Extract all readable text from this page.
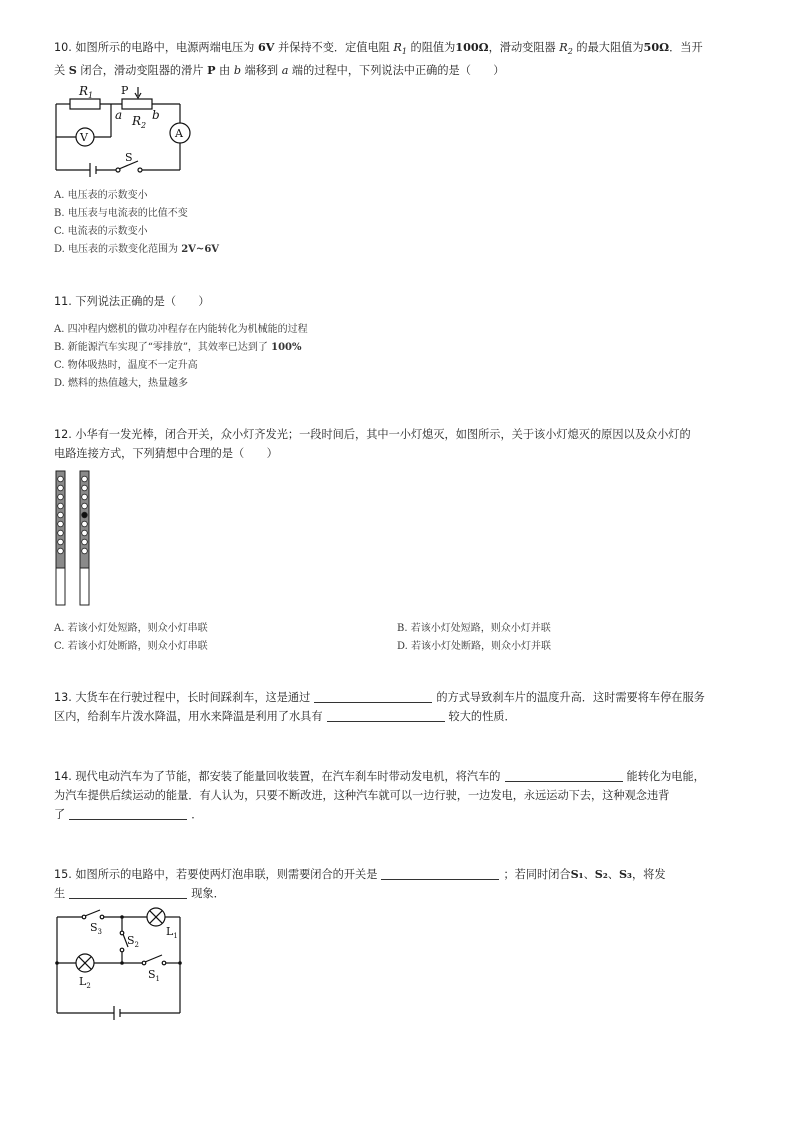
10. 如图所示的电路中，电源两端电压为 6V 并保持不变．定值电阻 $R_1$ 的阻值为100Ω，滑动变阻器 $R_2$ 的最大阻值为50Ω．当开
关 S 闭合，滑动变阻器的滑片 P 由 b 端移到 a 端的过程中，下列说法中正确的是（　　）
$R_1$	P
a $R_2$
b
V	A
S
A. 电压表的示数变小
B. 电压表与电流表的比值不变
C. 电流表的示数变小
D. 电压表的示数变化范围为 2V~6V
11. 下列说法正确的是（　　）
A. 四冲程内燃机的做功冲程存在内能转化为机械能的过程
B. 新能源汽车实现了“零排放”，其效率已达到了 100%
C. 物体吸热时，温度不一定升高
D. 燃料的热值越大，热量越多
12. 小华有一发光棒，闭合开关，众小灯齐发光；一段时间后，其中一小灯熄灭，如图所示，关于该小灯熄灭的原因以及众小灯的
电路连接方式，下列猜想中合理的是（　　）
A. 若该小灯处短路，则众小灯串联	B. 若该小灯处短路，则众小灯并联
C. 若该小灯处断路，则众小灯串联	D. 若该小灯处断路，则众小灯并联
13. 大货车在行驶过程中，长时间踩刹车，这是通过	的方式导致刹车片的温度升高．这时需要将车停在服务
区内，给刹车片泼水降温，用水来降温是利用了水具有	较大的性质．
14. 现代电动汽车为了节能，都安装了能量回收装置，在汽车刹车时带动发电机，将汽车的	能转化为电能，
为汽车提供后续运动的能量．有人认为，只要不断改进，这种汽车就可以一边行驶，一边发电，永远运动下去，这种观念违背
了	．
15. 如图所示的电路中，若要使两灯泡串联，则需要闭合的开关是	；若同时闭合S₁、S₂、S₃，将发
生	现象．
$S_3$
$S_2$
$L_1$
$L_2$
$S_1$
